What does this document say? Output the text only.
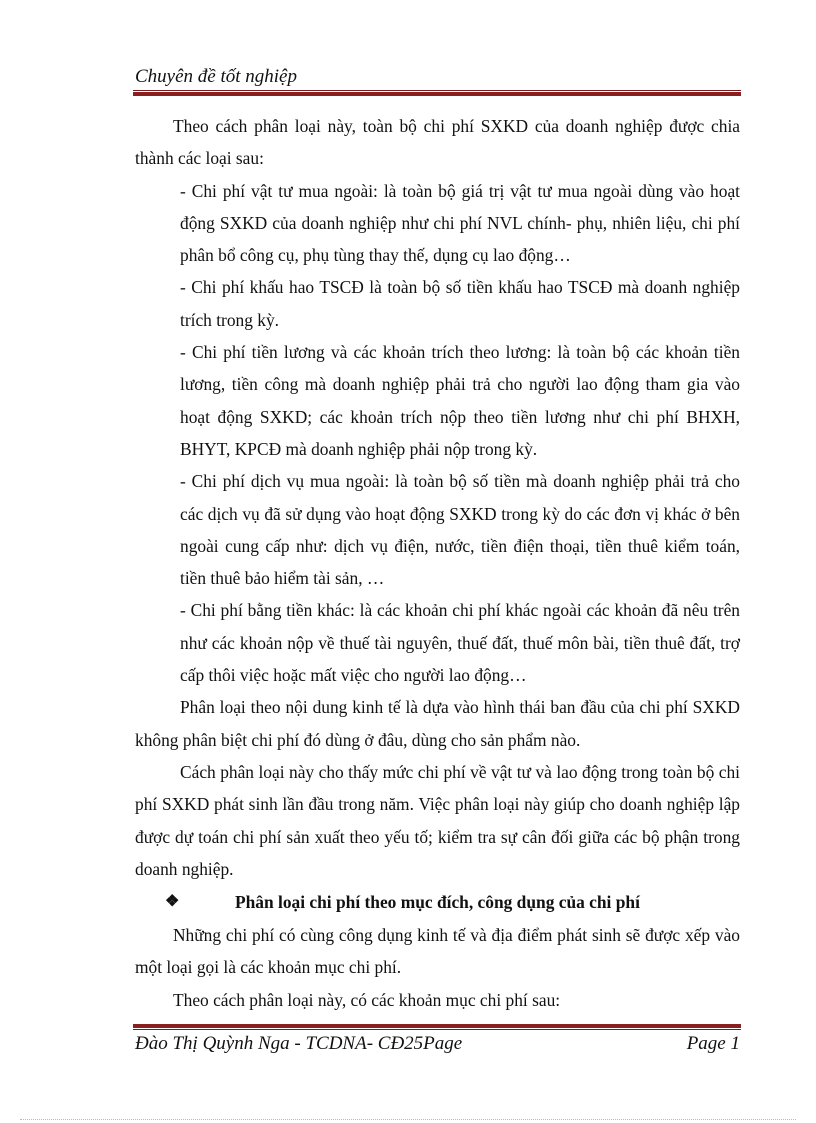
Chuyên đề tốt nghiệp

Theo cách phân loại này, toàn bộ chi phí SXKD của doanh nghiệp được chia thành các loại sau:

- Chi phí vật tư mua ngoài: là toàn bộ giá trị vật tư mua ngoài dùng vào hoạt động SXKD của doanh nghiệp như chi phí NVL chính- phụ, nhiên liệu, chi phí phân bổ công cụ, phụ tùng thay thế, dụng cụ lao động…

- Chi phí khấu hao TSCĐ là toàn bộ số tiền khấu hao TSCĐ mà doanh nghiệp trích trong kỳ.

- Chi phí tiền lương và các khoản trích theo lương: là toàn bộ các khoản tiền lương, tiền công mà doanh nghiệp phải trả cho người lao động tham gia vào hoạt động SXKD; các khoản trích nộp theo tiền lương như chi phí BHXH, BHYT, KPCĐ mà doanh nghiệp phải nộp trong kỳ.

- Chi phí dịch vụ mua ngoài: là toàn bộ số tiền mà doanh nghiệp phải trả cho các dịch vụ đã sử dụng vào hoạt động SXKD trong kỳ do các đơn vị khác ở bên ngoài cung cấp như: dịch vụ điện, nước, tiền điện thoại, tiền thuê kiểm toán, tiền thuê bảo hiểm tài sản, …

- Chi phí bằng tiền khác: là các khoản chi phí khác ngoài các khoản đã nêu trên như các khoản nộp về thuế tài nguyên, thuế đất, thuế môn bài, tiền thuê đất, trợ cấp thôi việc hoặc mất việc cho người lao động…

Phân loại theo nội dung kinh tế là dựa vào hình thái ban đầu của chi phí SXKD không phân biệt chi phí đó dùng ở đâu, dùng cho sản phẩm nào.

Cách phân loại này cho thấy mức chi phí về vật tư và lao động trong toàn bộ chi phí SXKD phát sinh lần đầu trong năm. Việc phân loại này giúp cho doanh nghiệp lập được dự toán chi phí sản xuất theo yếu tố; kiểm tra sự cân đối giữa các bộ phận trong doanh nghiệp.

❖	Phân loại chi phí theo mục đích, công dụng của chi phí

Những chi phí có cùng công dụng kinh tế và địa điểm phát sinh sẽ được xếp vào một loại gọi là các khoản mục chi phí.

Theo cách phân loại này, có các khoản mục chi phí sau:

Đào Thị Quỳnh Nga - TCDNA- CĐ25Page	Page 1
